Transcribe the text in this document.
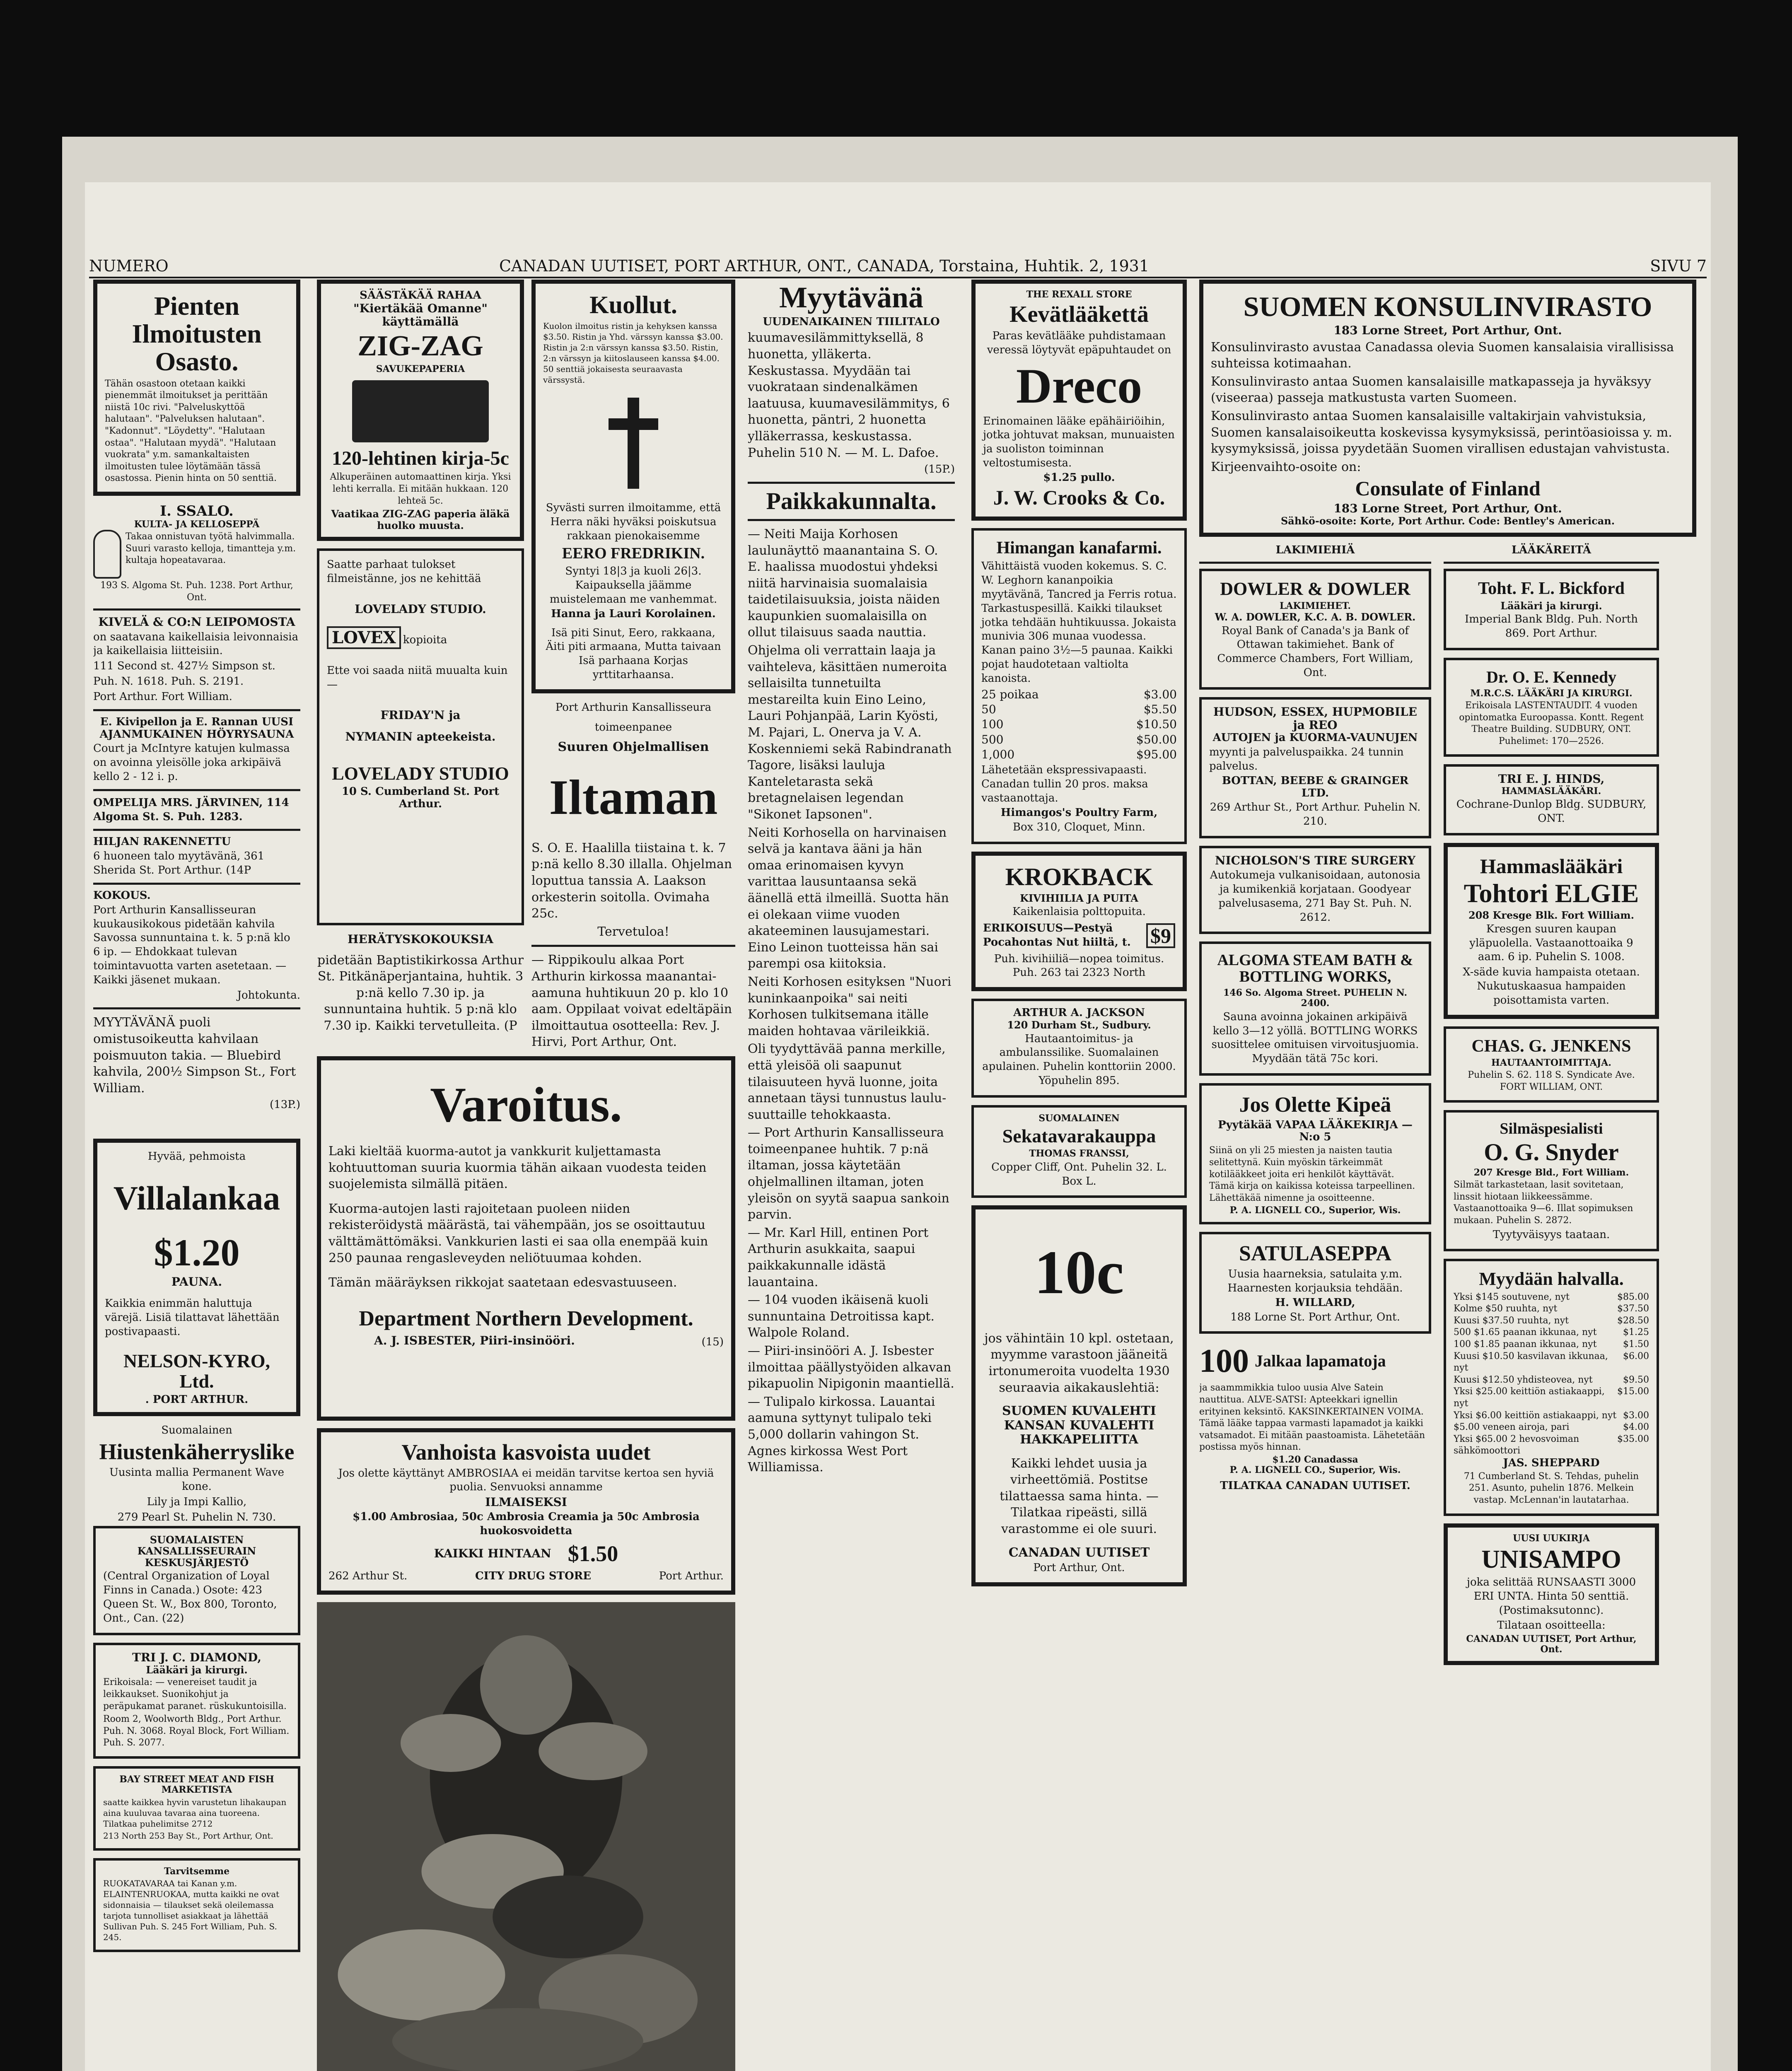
NUMERO	CANADAN UUTISET, PORT ARTHUR, ONT., CANADA, Torstaina, Huhtik. 2, 1931	SIVU 7
Pienten Ilmoitusten Osasto.
Tähän osastoon otetaan kaikki pienemmät ilmoitukset ja perittään niistä 10c rivi. "Palveluskyttöä halutaan". "Palveluksen halutaan". "Kadonnut". "Löydetty". "Halutaan ostaa". "Halutaan myydä". "Halutaan vuokrata" y.m. samankaltaisten ilmoitusten tulee löytämään tässä osastossa. Pienin hinta on 50 senttiä.
I. SSALO.
KULTA- JA KELLOSEPPÄ
Takaa onnistuvan työtä halvimmalla. Suuri varasto kelloja, timantteja y.m. kultaja hopeatavaraa.
193 S. Algoma St. Puh. 1238. Port Arthur, Ont.
KIVELÄ & CO:N LEIPOMOSTA
on saatavana kaikellaisia leivonnaisia ja kaikellaisia liitteisiin.
111 Second st. 427½ Simpson st.
Puh. N. 1618. Puh. S. 2191.
Port Arthur. Fort William.
E. Kivipellon ja E. Rannan UUSI AJANMUKAINEN HÖYRYSAUNA
Court ja McIntyre katujen kulmassa on avoinna yleisölle joka arkipäivä kello 2 - 12 i. p.
OMPELIJA MRS. JÄRVINEN, 114 Algoma St. S. Puh. 1283.
HILJAN RAKENNETTU
6 huoneen talo myytävänä, 361 Sherida St. Port Arthur. (14P
KOKOUS.
Port Arthurin Kansallisseuran kuukausikokous pidetään kahvila Savossa sunnuntaina t. k. 5 p:nä klo 6 ip. — Ehdokkaat tulevan toimintavuotta varten asetetaan. — Kaikki jäsenet mukaan.
Johtokunta.
MYYTÄVÄNÄ puoli omistusoikeutta kahvilaan poismuuton takia. — Bluebird kahvila, 200½ Simpson St., Fort William.
(13P.)
Hyvää, pehmoista
Villalankaa
$1.20
PAUNA.
Kaikkia enimmän haluttuja värejä. Lisiä tilattavat lähettään postivapaasti.
NELSON-KYRO, Ltd.
. PORT ARTHUR.
Suomalainen
Hiustenkäherryslike
Uusinta mallia Permanent Wave kone.
Lily ja Impi Kallio,
279 Pearl St. Puhelin N. 730.
SUOMALAISTEN KANSALLISSEURAIN KESKUSJÄRJESTÖ
(Central Organization of Loyal Finns in Canada.) Osote: 423 Queen St. W., Box 800, Toronto, Ont., Can. (22)
TRI J. C. DIAMOND,
Lääkäri ja kirurgi.
Erikoisala: — venereiset taudit ja leikkaukset. Suonikohjut ja peräpukamat paranet. rüskukuntoisilla.
Room 2, Woolworth Bldg., Port Arthur. Puh. N. 3068. Royal Block, Fort William. Puh. S. 2077.
BAY STREET MEAT AND FISH MARKETISTA
saatte kaikkea hyvin varustetun lihakaupan aina kuuluvaa tavaraa aina tuoreena. Tilatkaa puhelimitse 2712
213 North 253 Bay St., Port Arthur, Ont.
Tarvitsemme
RUOKATAVARAA tai Kanan y.m. ELAINTENRUOKAA, mutta kaikki ne ovat sidonnaisia — tilaukset sekä oleilemassa tarjota tunnolliset asiakkaat ja lähettää Sullivan Puh. S. 245 Fort William, Puh. S. 245.
SÄÄSTÄKÄÄ RAHAA
"Kiertäkää Omanne" käyttämällä
ZIG-ZAG
SAVUKEPAPERIA
120-lehtinen kirja-5c
Alkuperäinen automaattinen kirja. Yksi lehti kerralla. Ei mitään hukkaan. 120 lehteä 5c.
Vaatikaa ZIG-ZAG paperia äläkä huolko muusta.
Saatte parhaat tulokset filmeistänne, jos ne kehittää
LOVELADY STUDIO.
LOVEX kopioita
Ette voi saada niitä muualta kuin—
FRIDAY'N ja
NYMANIN apteekeista.
LOVELADY STUDIO
10 S. Cumberland St. Port Arthur.
HERÄTYSKOKOUKSIA
pidetään Baptistikirkossa Arthur St. Pitkänäperjantaina, huhtik. 3 p:nä kello 7.30 ip. ja sunnuntaina huhtik. 5 p:nä klo 7.30 ip. Kaikki tervetulleita. (P
Kuollut.
Kuolon ilmoitus ristin ja kehyksen kanssa $3.50. Ristin ja Yhd. värssyn kanssa $3.00. Ristin ja 2:n värssyn kanssa $3.50. Ristin, 2:n värssyn ja kiitoslauseen kanssa $4.00. 50 senttiä jokaisesta seuraavasta värssystä.
Syvästi surren ilmoitamme, että Herra näki hyväksi poiskutsua rakkaan pienokaisemme
EERO FREDRIKIN.
Syntyi 18|3 ja kuoli 26|3. Kaipauksella jäämme muistelemaan me vanhemmat.
Hanna ja Lauri Korolainen.
Isä piti Sinut, Eero, rakkaana, Äiti piti armaana, Mutta taivaan Isä parhaana Korjas yrttitarhaansa.
Port Arthurin Kansallisseura
toimeenpanee
Suuren Ohjelmallisen
Iltaman
S. O. E. Haalilla tiistaina t. k. 7 p:nä kello 8.30 illalla. Ohjelman loputtua tanssia A. Laakson orkesterin soitolla. Ovimaha 25c.
Tervetuloa!
— Rippikoulu alkaa Port Arthurin kirkossa maanantai-aamuna huhtikuun 20 p. klo 10 aam. Oppilaat voivat edeltäpäin ilmoittautua osotteella: Rev. J. Hirvi, Port Arthur, Ont.
Varoitus.
Laki kieltää kuorma-autot ja vankkurit kuljettamasta kohtuuttoman suuria kuormia tähän aikaan vuodesta teiden suojelemista silmällä pitäen.
Kuorma-autojen lasti rajoitetaan puoleen niiden rekisteröidystä määrästä, tai vähempään, jos se osoittautuu välttämättömäksi. Vankkurien lasti ei saa olla enempää kuin 250 paunaa rengasleveyden neliötuumaa kohden.
Tämän määräyksen rikkojat saatetaan edesvastuuseen.
Department Northern Development.
A. J. ISBESTER, Piiri-insinööri.	(15)
Vanhoista kasvoista uudet
Jos olette käyttänyt AMBROSIAA ei meidän tarvitse kertoa sen hyviä puolia. Senvuoksi annamme
ILMAISEKSI
$1.00 Ambrosiaa, 50c Ambrosia Creamia ja 50c Ambrosia huokosvoidetta
KAIKKI HINTAAN $1.50
262 Arthur St.	CITY DRUG STORE	Port Arthur.
Myytävänä
UUDENAIKAINEN TIILITALO
kuumavesilämmittyksellä, 8 huonetta, ylläkerta. Keskustassa. Myydään tai vuokrataan sindenalkämen laatuusa, kuumavesilämmitys, 6 huonetta, päntri, 2 huonetta ylläkerrassa, keskustassa. Puhelin 510 N. — M. L. Dafoe.
(15P.)
Paikkakunnalta.
— Neiti Maija Korhosen laulunäyttö maanantaina S. O. E. haalissa muodostui yhdeksi niitä harvinaisia suomalaisia taidetilaisuuksia, joista näiden kaupunkien suomalaisilla on ollut tilaisuus saada nauttia.
Ohjelma oli verrattain laaja ja vaihteleva, käsittäen numeroita sellaisilta tunnetuilta mestareilta kuin Eino Leino, Lauri Pohjanpää, Larin Kyösti, M. Pajari, L. Onerva ja V. A. Koskenniemi sekä Rabindranath Tagore, lisäksi lauluja Kanteletarasta sekä bretagnelaisen legendan "Sikonet Iapsonen".
Neiti Korhosella on harvinaisen selvä ja kantava ääni ja hän omaa erinomaisen kyvyn varittaa lausuntaansa sekä äänellä että ilmeillä. Suotta hän ei olekaan viime vuoden akateeminen lausujamestari. Eino Leinon tuotteissa hän sai parempi osa kiitoksia.
Neiti Korhosen esityksen "Nuori kuninkaanpoika" sai neiti Korhosen tulkitsemana itälle maiden hohtavaa värileikkiä.
Oli tyydyttävää panna merkille, että yleisöä oli saapunut tilaisuuteen hyvä luonne, joita annetaan täysi tunnustus laulu-suuttaille tehokkaasta.
— Port Arthurin Kansallisseura toimeenpanee huhtik. 7 p:nä iltaman, jossa käytetään ohjelmallinen iltaman, joten yleisön on syytä saapua sankoin parvin.
— Mr. Karl Hill, entinen Port Arthurin asukkaita, saapui paikkakunnalle idästä lauantaina.
— 104 vuoden ikäisenä kuoli sunnuntaina Detroitissa kapt. Walpole Roland.
— Piiri-insinööri A. J. Isbester ilmoittaa päällystyöiden alkavan pikapuolin Nipigonin maantiellä.
— Tulipalo kirkossa. Lauantai aamuna syttynyt tulipalo teki 5,000 dollarin vahingon St. Agnes kirkossa West Port Williamissa.
THE REXALL STORE
Kevätlääkettä
Paras kevätlääke puhdistamaan veressä löytyvät epäpuhtaudet on
Dreco
Erinomainen lääke epähäiriöihin, jotka johtuvat maksan, munuaisten ja suoliston toiminnan veltostumisesta.
$1.25 pullo.
J. W. Crooks & Co.
Himangan kanafarmi.
Vähittäistä vuoden kokemus. S. C. W. Leghorn kananpoikia myytävänä, Tancred ja Ferris rotua. Tarkastuspesillä. Kaikki tilaukset jotka tehdään huhtikuussa. Jokaista munivia 306 munaa vuodessa. Kanan paino 3½—5 paunaa. Kaikki pojat haudotetaan valtiolta kanoista.
25 poikaa	$3.00
50	$5.50
100	$10.50
500	$50.00
1,000	$95.00
Lähetetään ekspressivapaasti. Canadan tullin 20 pros. maksa vastaanottaja.
Himangos's Poultry Farm,
Box 310, Cloquet, Minn.
KROKBACK
KIVIHIILIA JA PUITA
Kaikenlaisia polttopuita.
ERIKOISUUS—Pestyä Pocahontas Nut hiiltä, t. $9
Puh. kivihiiliä—nopea toimitus. Puh. 263 tai 2323 North
ARTHUR A. JACKSON
120 Durham St., Sudbury.
Hautaantoimitus- ja ambulanssilike. Suomalainen apulainen. Puhelin konttoriin 2000. Yöpuhelin 895.
SUOMALAINEN
Sekatavarakauppa
THOMAS FRANSSI,
Copper Cliff, Ont. Puhelin 32. L. Box L.
10c
jos vähintäin 10 kpl. ostetaan, myymme varastoon jääneitä irtonumeroita vuodelta 1930 seuraavia aikakauslehtiä:
SUOMEN KUVALEHTI KANSAN KUVALEHTI HAKKAPELIITTA
Kaikki lehdet uusia ja virheettömiä. Postitse tilattaessa sama hinta. — Tilatkaa ripeästi, sillä varastomme ei ole suuri.
CANADAN UUTISET
Port Arthur, Ont.
SUOMEN KONSULINVIRASTO
183 Lorne Street, Port Arthur, Ont.
Konsulinvirasto avustaa Canadassa olevia Suomen kansalaisia virallisissa suhteissa kotimaahan.
Konsulinvirasto antaa Suomen kansalaisille matkapasseja ja hyväksyy (viseeraa) passeja matkustusta varten Suomeen.
Konsulinvirasto antaa Suomen kansalaisille valtakirjain vahvistuksia, Suomen kansalaisoikeutta koskevissa kysymyksissä, perintöasioissa y. m. kysymyksissä, joissa pyydetään Suomen virallisen edustajan vahvistusta.
Kirjeenvaihto-osoite on:
Consulate of Finland
183 Lorne Street, Port Arthur, Ont.
Sähkö-osoite: Korte, Port Arthur. Code: Bentley's American.
LAKIMIEHIÄ
DOWLER & DOWLER
LAKIMIEHET.
W. A. DOWLER, K.C. A. B. DOWLER.
Royal Bank of Canada's ja Bank of Ottawan takimiehet. Bank of Commerce Chambers, Fort William, Ont.
HUDSON, ESSEX, HUPMOBILE ja REO
AUTOJEN ja KUORMA-VAUNUJEN
myynti ja palveluspaikka. 24 tunnin palvelus.
BOTTAN, BEEBE & GRAINGER LTD.
269 Arthur St., Port Arthur. Puhelin N. 210.
NICHOLSON'S TIRE SURGERY
Autokumeja vulkanisoidaan, autonosia ja kumikenkiä korjataan. Goodyear palvelusasema, 271 Bay St. Puh. N. 2612.
ALGOMA STEAM BATH & BOTTLING WORKS,
146 So. Algoma Street. PUHELIN N. 2400.
Sauna avoinna jokainen arkipäivä kello 3—12 yöllä. BOTTLING WORKS suosittelee omituisen virvoitusjuomia. Myydään tätä 75c kori.
Jos Olette Kipeä
Pyytäkää VAPAA LÄÄKEKIRJA — N:o 5
Siinä on yli 25 miesten ja naisten tautia selitettynä. Kuin myöskin tärkeimmät kotilääkkeet joita eri henkilöt käyttävät. Tämä kirja on kaikissa koteissa tarpeellinen. Lähettäkää nimenne ja osoitteenne.
P. A. LIGNELL CO., Superior, Wis.
SATULASEPPA
Uusia haarneksia, satulaita y.m. Haarnesten korjauksia tehdään.
H. WILLARD,
188 Lorne St. Port Arthur, Ont.
100 Jalkaa lapamatoja
ja saammmikkia tuloo uusia Alve Satein nauttitua. ALVE-SATSI: Apteekkari ignellin erityinen keksintö. KAKSINKERTAINEN VOIMA. Tämä lääke tappaa varmasti lapamadot ja kaikki vatsamadot. Ei mitään paastoamista. Lähetetään postissa myös hinnan.
$1.20 Canadassa
P. A. LIGNELL CO., Superior, Wis.
TILATKAA CANADAN UUTISET.
LÄÄKÄREITÄ
Toht. F. L. Bickford
Lääkäri ja kirurgi.
Imperial Bank Bldg. Puh. North 869. Port Arthur.
Dr. O. E. Kennedy
M.R.C.S. LÄÄKÄRI JA KIRURGI.
Erikoisala LASTENTAUDIT. 4 vuoden opintomatka Euroopassa. Kontt. Regent Theatre Building. SUDBURY, ONT. Puhelimet: 170—2526.
TRI E. J. HINDS,
HAMMASLÄÄKÄRI.
Cochrane-Dunlop Bldg. SUDBURY, ONT.
Hammaslääkäri
Tohtori ELGIE
208 Kresge Blk. Fort William.
Kresgen suuren kaupan yläpuolella. Vastaanottoaika 9 aam. 6 ip. Puhelin S. 1008.
X-säde kuvia hampaista otetaan. Nukutuskaasua hampaiden poisottamista varten.
CHAS. G. JENKENS
HAUTAANTOIMITTAJA.
Puhelin S. 62. 118 S. Syndicate Ave. FORT WILLIAM, ONT.
Silmäspesialisti
O. G. Snyder
207 Kresge Bld., Fort William.
Silmät tarkastetaan, lasit sovitetaan, linssit hiotaan liikkeessämme. Vastaanottoaika 9—6. Illat sopimuksen mukaan. Puhelin S. 2872.
Tyytyväisyys taataan.
Myydään halvalla.
Yksi $145 soutuvene, nyt	$85.00
Kolme $50 ruuhta, nyt	$37.50
Kuusi $37.50 ruuhta, nyt	$28.50
500 $1.65 paanan ikkunaa, nyt	$1.25
100 $1.85 paanan ikkunaa, nyt	$1.50
Kuusi $10.50 kasvilavan ikkunaa, nyt
$6.00
Kuusi $12.50 yhdisteovea, nyt	$9.50
Yksi $25.00 keittiön astiakaappi, nyt
$15.00
Yksi $6.00 keittiön astiakaappi, nyt $3.00
$5.00 veneen airoja, pari	$4.00
Yksi $65.00 2 hevosvoiman sähkömoottori
$35.00
JAS. SHEPPARD
71 Cumberland St. S. Tehdas, puhelin 251. Asunto, puhelin 1876. Melkein vastap. McLennan'in lautatarhaa.
UUSI UUKIRJA
UNISAMPO
joka selittää RUNSAASTI 3000 ERI UNTA. Hinta 50 senttiä. (Postimaksutonnc).
Tilataan osoitteella:
CANADAN UUTISET, Port Arthur, Ont.
